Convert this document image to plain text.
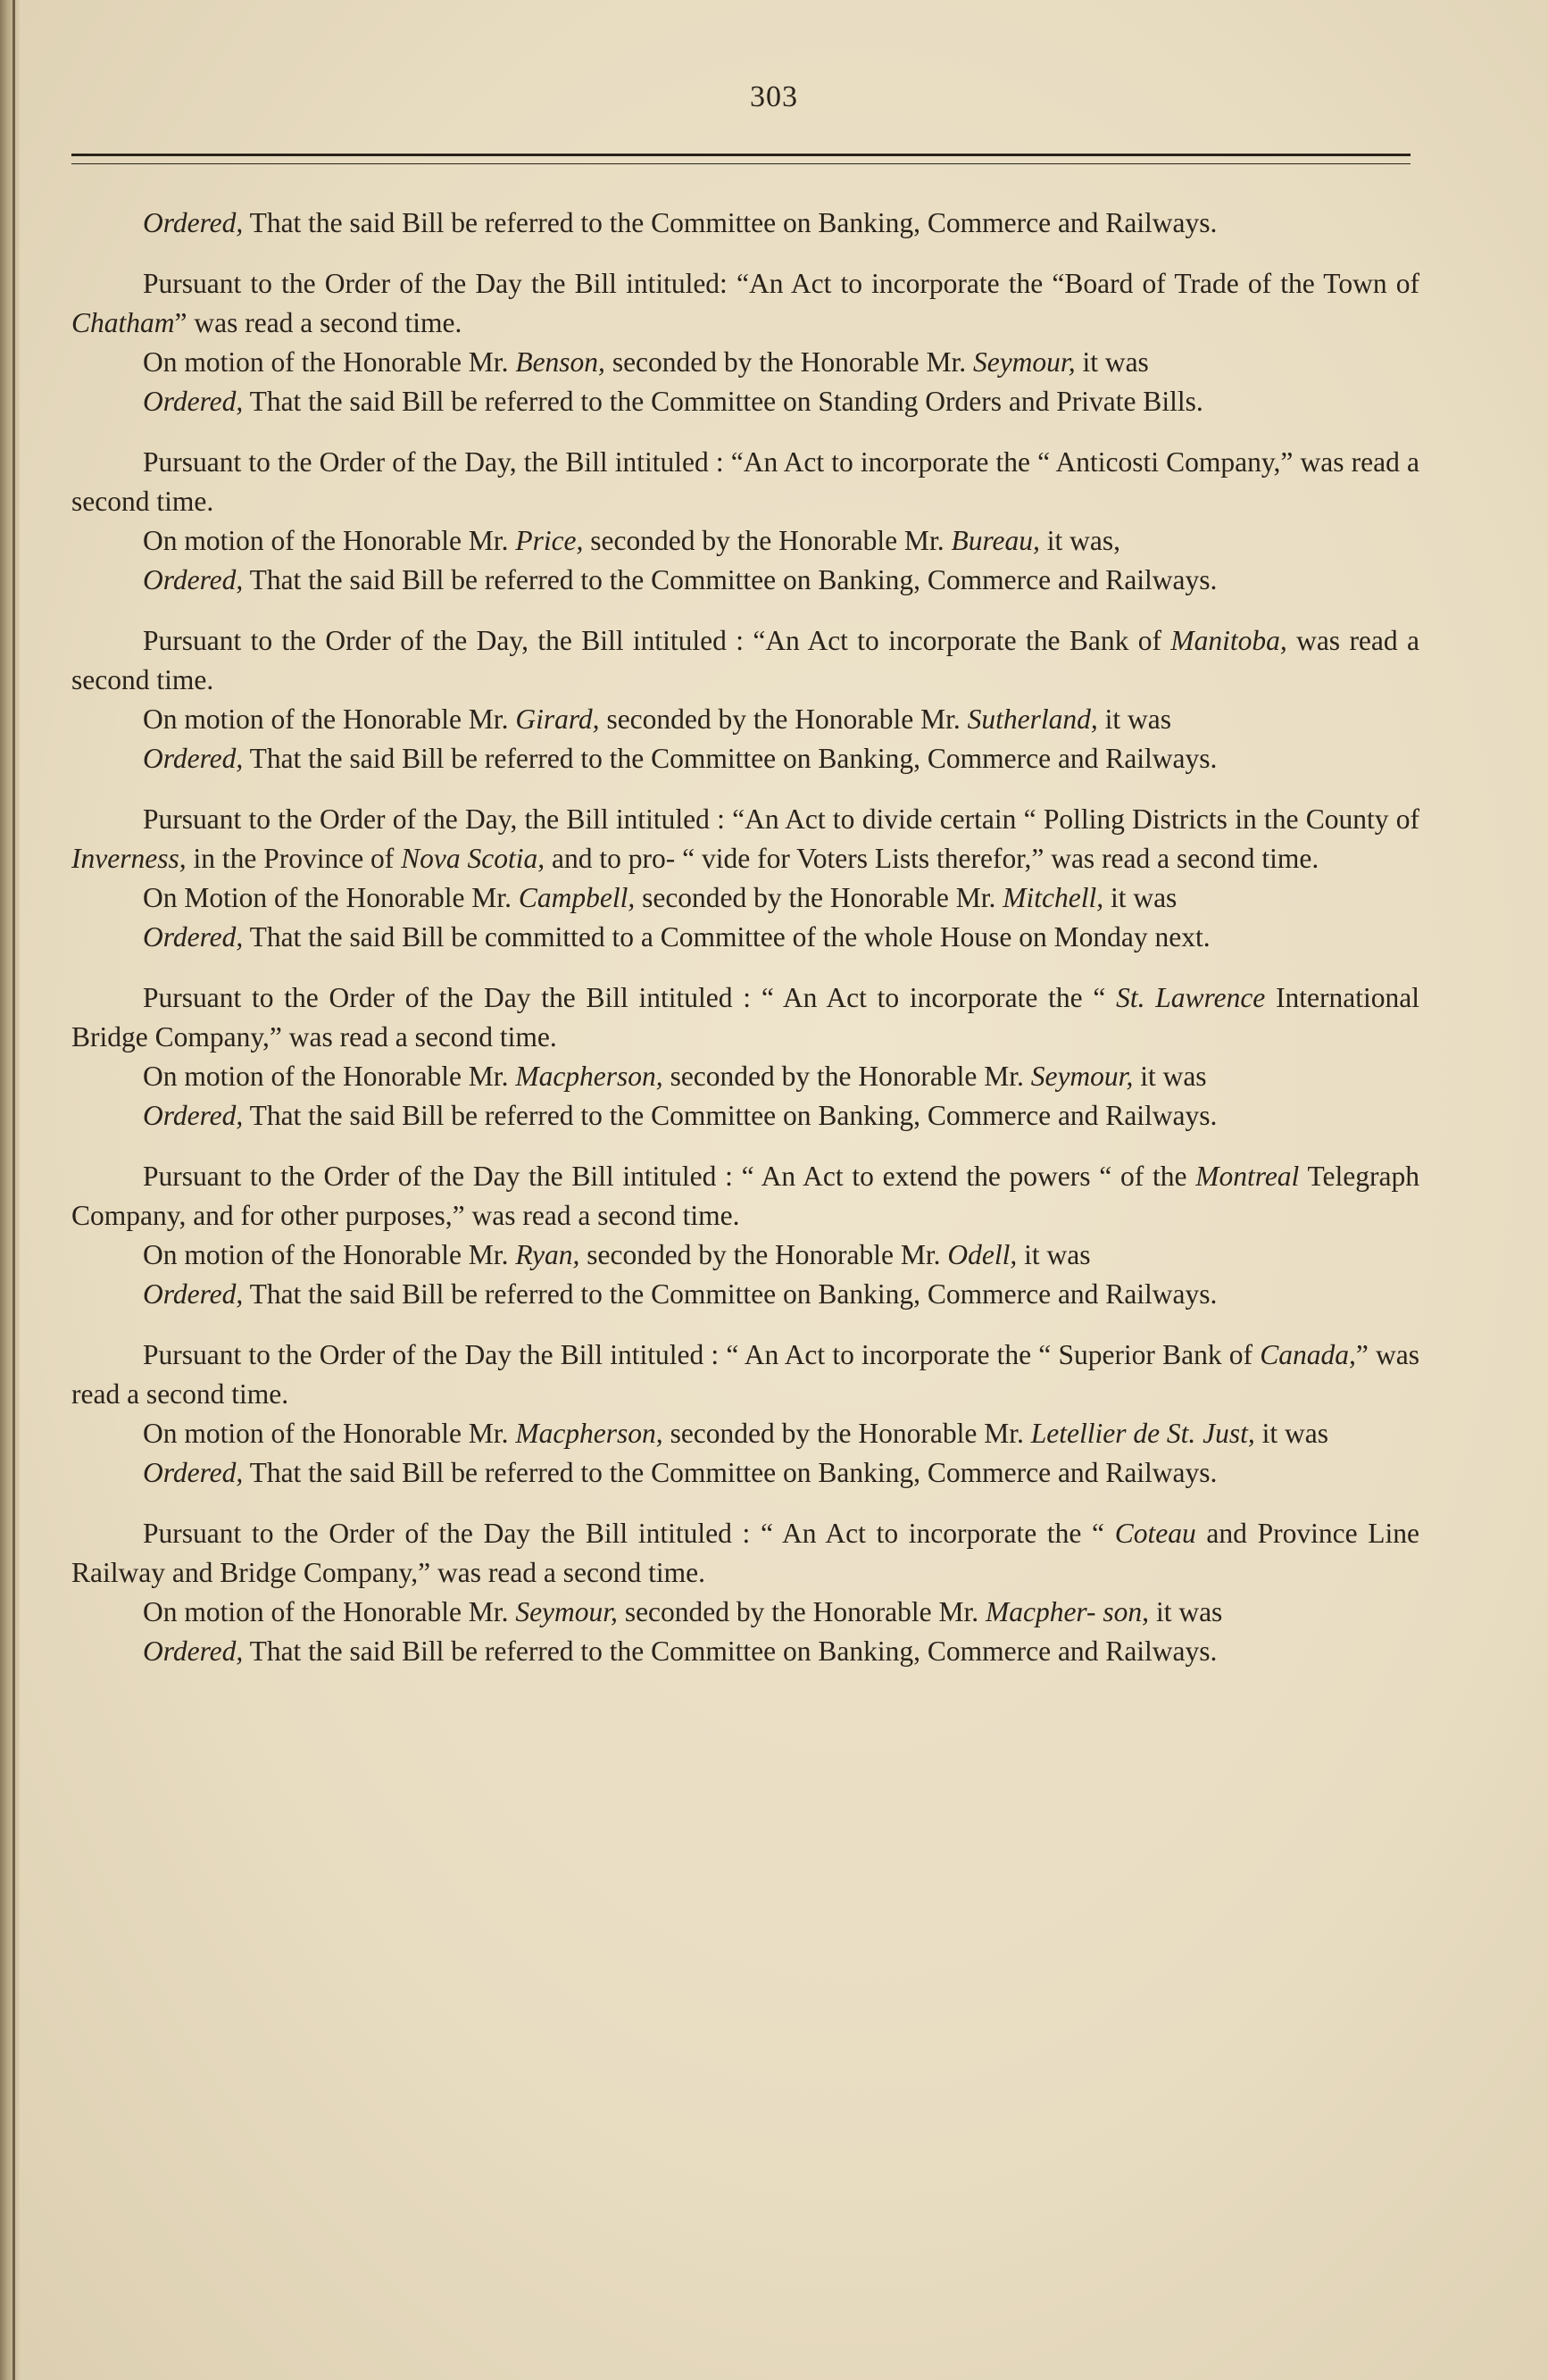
303

Ordered, That the said Bill be referred to the Committee on Banking, Commerce and Railways.

Pursuant to the Order of the Day the Bill intituled: “An Act to incorporate the “Board of Trade of the Town of Chatham” was read a second time.

On motion of the Honorable Mr. Benson, seconded by the Honorable Mr. Seymour, it was

Ordered, That the said Bill be referred to the Committee on Standing Orders and Private Bills.

Pursuant to the Order of the Day, the Bill intituled : “An Act to incorporate the “ Anticosti Company,” was read a second time.

On motion of the Honorable Mr. Price, seconded by the Honorable Mr. Bureau, it was,

Ordered, That the said Bill be referred to the Committee on Banking, Commerce and Railways.

Pursuant to the Order of the Day, the Bill intituled : “An Act to incorporate the Bank of Manitoba, was read a second time.

On motion of the Honorable Mr. Girard, seconded by the Honorable Mr. Sutherland, it was

Ordered, That the said Bill be referred to the Committee on Banking, Commerce and Railways.

Pursuant to the Order of the Day, the Bill intituled : “An Act to divide certain “ Polling Districts in the County of Inverness, in the Province of Nova Scotia, and to pro- “ vide for Voters Lists therefor,” was read a second time.

On Motion of the Honorable Mr. Campbell, seconded by the Honorable Mr. Mitchell, it was

Ordered, That the said Bill be committed to a Committee of the whole House on Monday next.

Pursuant to the Order of the Day the Bill intituled : “ An Act to incorporate the “ St. Lawrence International Bridge Company,” was read a second time.

On motion of the Honorable Mr. Macpherson, seconded by the Honorable Mr. Seymour, it was

Ordered, That the said Bill be referred to the Committee on Banking, Commerce and Railways.

Pursuant to the Order of the Day the Bill intituled : “ An Act to extend the powers “ of the Montreal Telegraph Company, and for other purposes,” was read a second time.

On motion of the Honorable Mr. Ryan, seconded by the Honorable Mr. Odell, it was

Ordered, That the said Bill be referred to the Committee on Banking, Commerce and Railways.

Pursuant to the Order of the Day the Bill intituled : “ An Act to incorporate the “ Superior Bank of Canada,” was read a second time.

On motion of the Honorable Mr. Macpherson, seconded by the Honorable Mr. Letellier de St. Just, it was

Ordered, That the said Bill be referred to the Committee on Banking, Commerce and Railways.

Pursuant to the Order of the Day the Bill intituled : “ An Act to incorporate the “ Coteau and Province Line Railway and Bridge Company,” was read a second time.

On motion of the Honorable Mr. Seymour, seconded by the Honorable Mr. Macpher- son, it was

Ordered, That the said Bill be referred to the Committee on Banking, Commerce and Railways.
